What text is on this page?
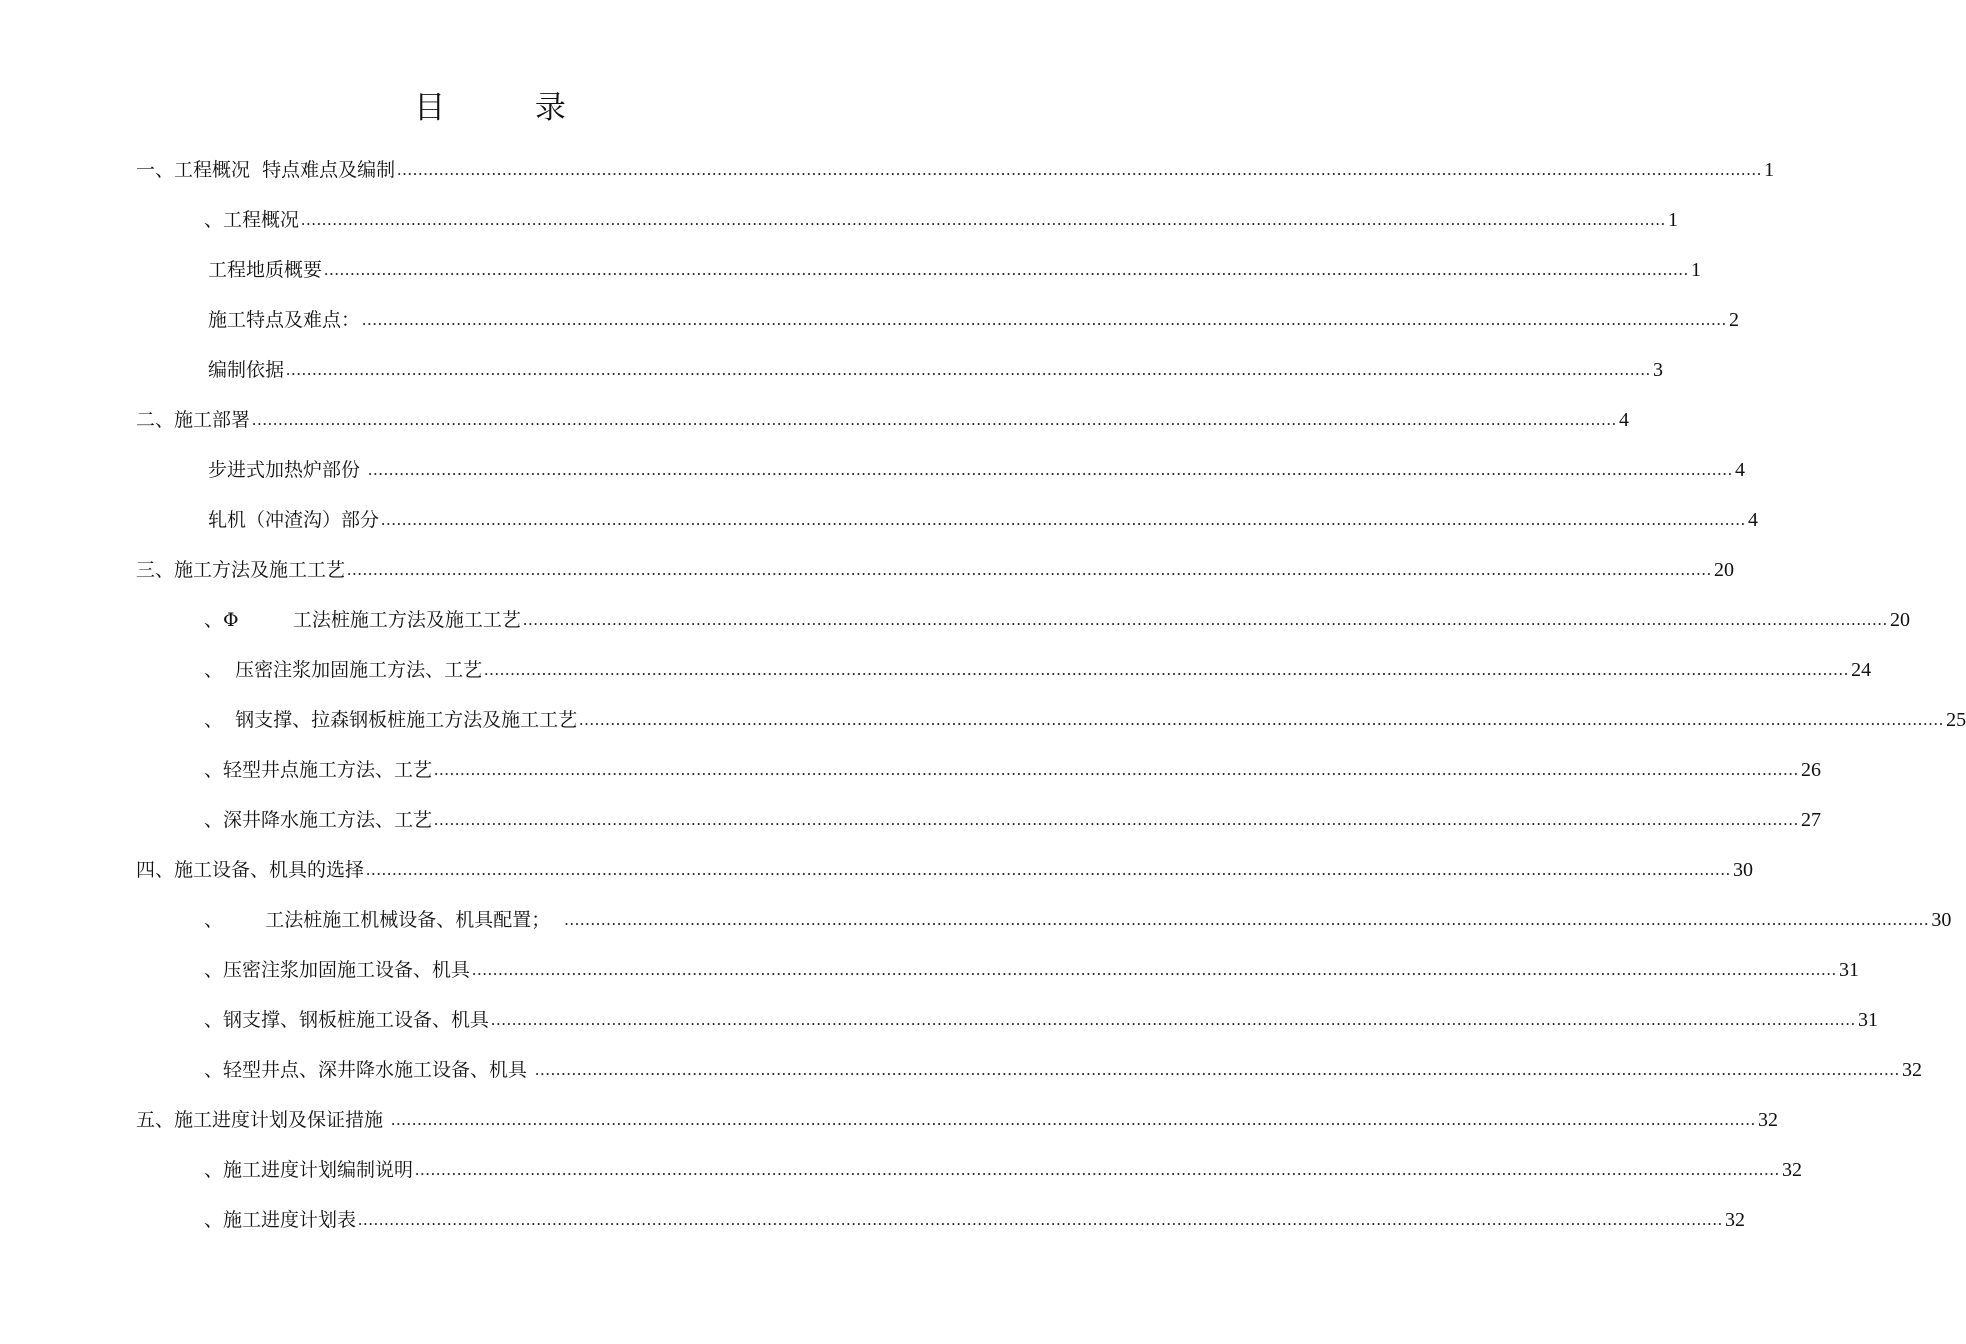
目 录
一、工程概况  特点难点及编制 .................................................................................................................................................................................................................................................................... 1
、工程概况 .................................................................................................................................................................................................................................................................... 1
工程地质概要 .................................................................................................................................................................................................................................................................... 1
施工特点及难点： .................................................................................................................................................................................................................................................................... 2
编制依据 .................................................................................................................................................................................................................................................................... 3
二、施工部署 .................................................................................................................................................................................................................................................................... 4
步进式加热炉部份 .................................................................................................................................................................................................................................................................... 4
轧机（冲渣沟）部分 .................................................................................................................................................................................................................................................................... 4
三、施工方法及施工工艺 .................................................................................................................................................................................................................................................................... 20
、Φ         工法桩施工方法及施工工艺 .................................................................................................................................................................................................................................................................... 20
、  压密注浆加固施工方法、工艺 .................................................................................................................................................................................................................................................................... 24
、  钢支撑、拉森钢板桩施工方法及施工工艺 .................................................................................................................................................................................................................................................................... 25
、轻型井点施工方法、工艺 .................................................................................................................................................................................................................................................................... 26
、深井降水施工方法、工艺 .................................................................................................................................................................................................................................................................... 27
四、施工设备、机具的选择 .................................................................................................................................................................................................................................................................... 30
、       工法桩施工机械设备、机具配置； .................................................................................................................................................................................................................................................................... 30
、压密注浆加固施工设备、机具 .................................................................................................................................................................................................................................................................... 31
、钢支撑、钢板桩施工设备、机具 .................................................................................................................................................................................................................................................................... 31
、轻型井点、深井降水施工设备、机具 .................................................................................................................................................................................................................................................................... 32
五、施工进度计划及保证措施 .................................................................................................................................................................................................................................................................... 32
、施工进度计划编制说明 .................................................................................................................................................................................................................................................................... 32
、施工进度计划表 .................................................................................................................................................................................................................................................................... 32
